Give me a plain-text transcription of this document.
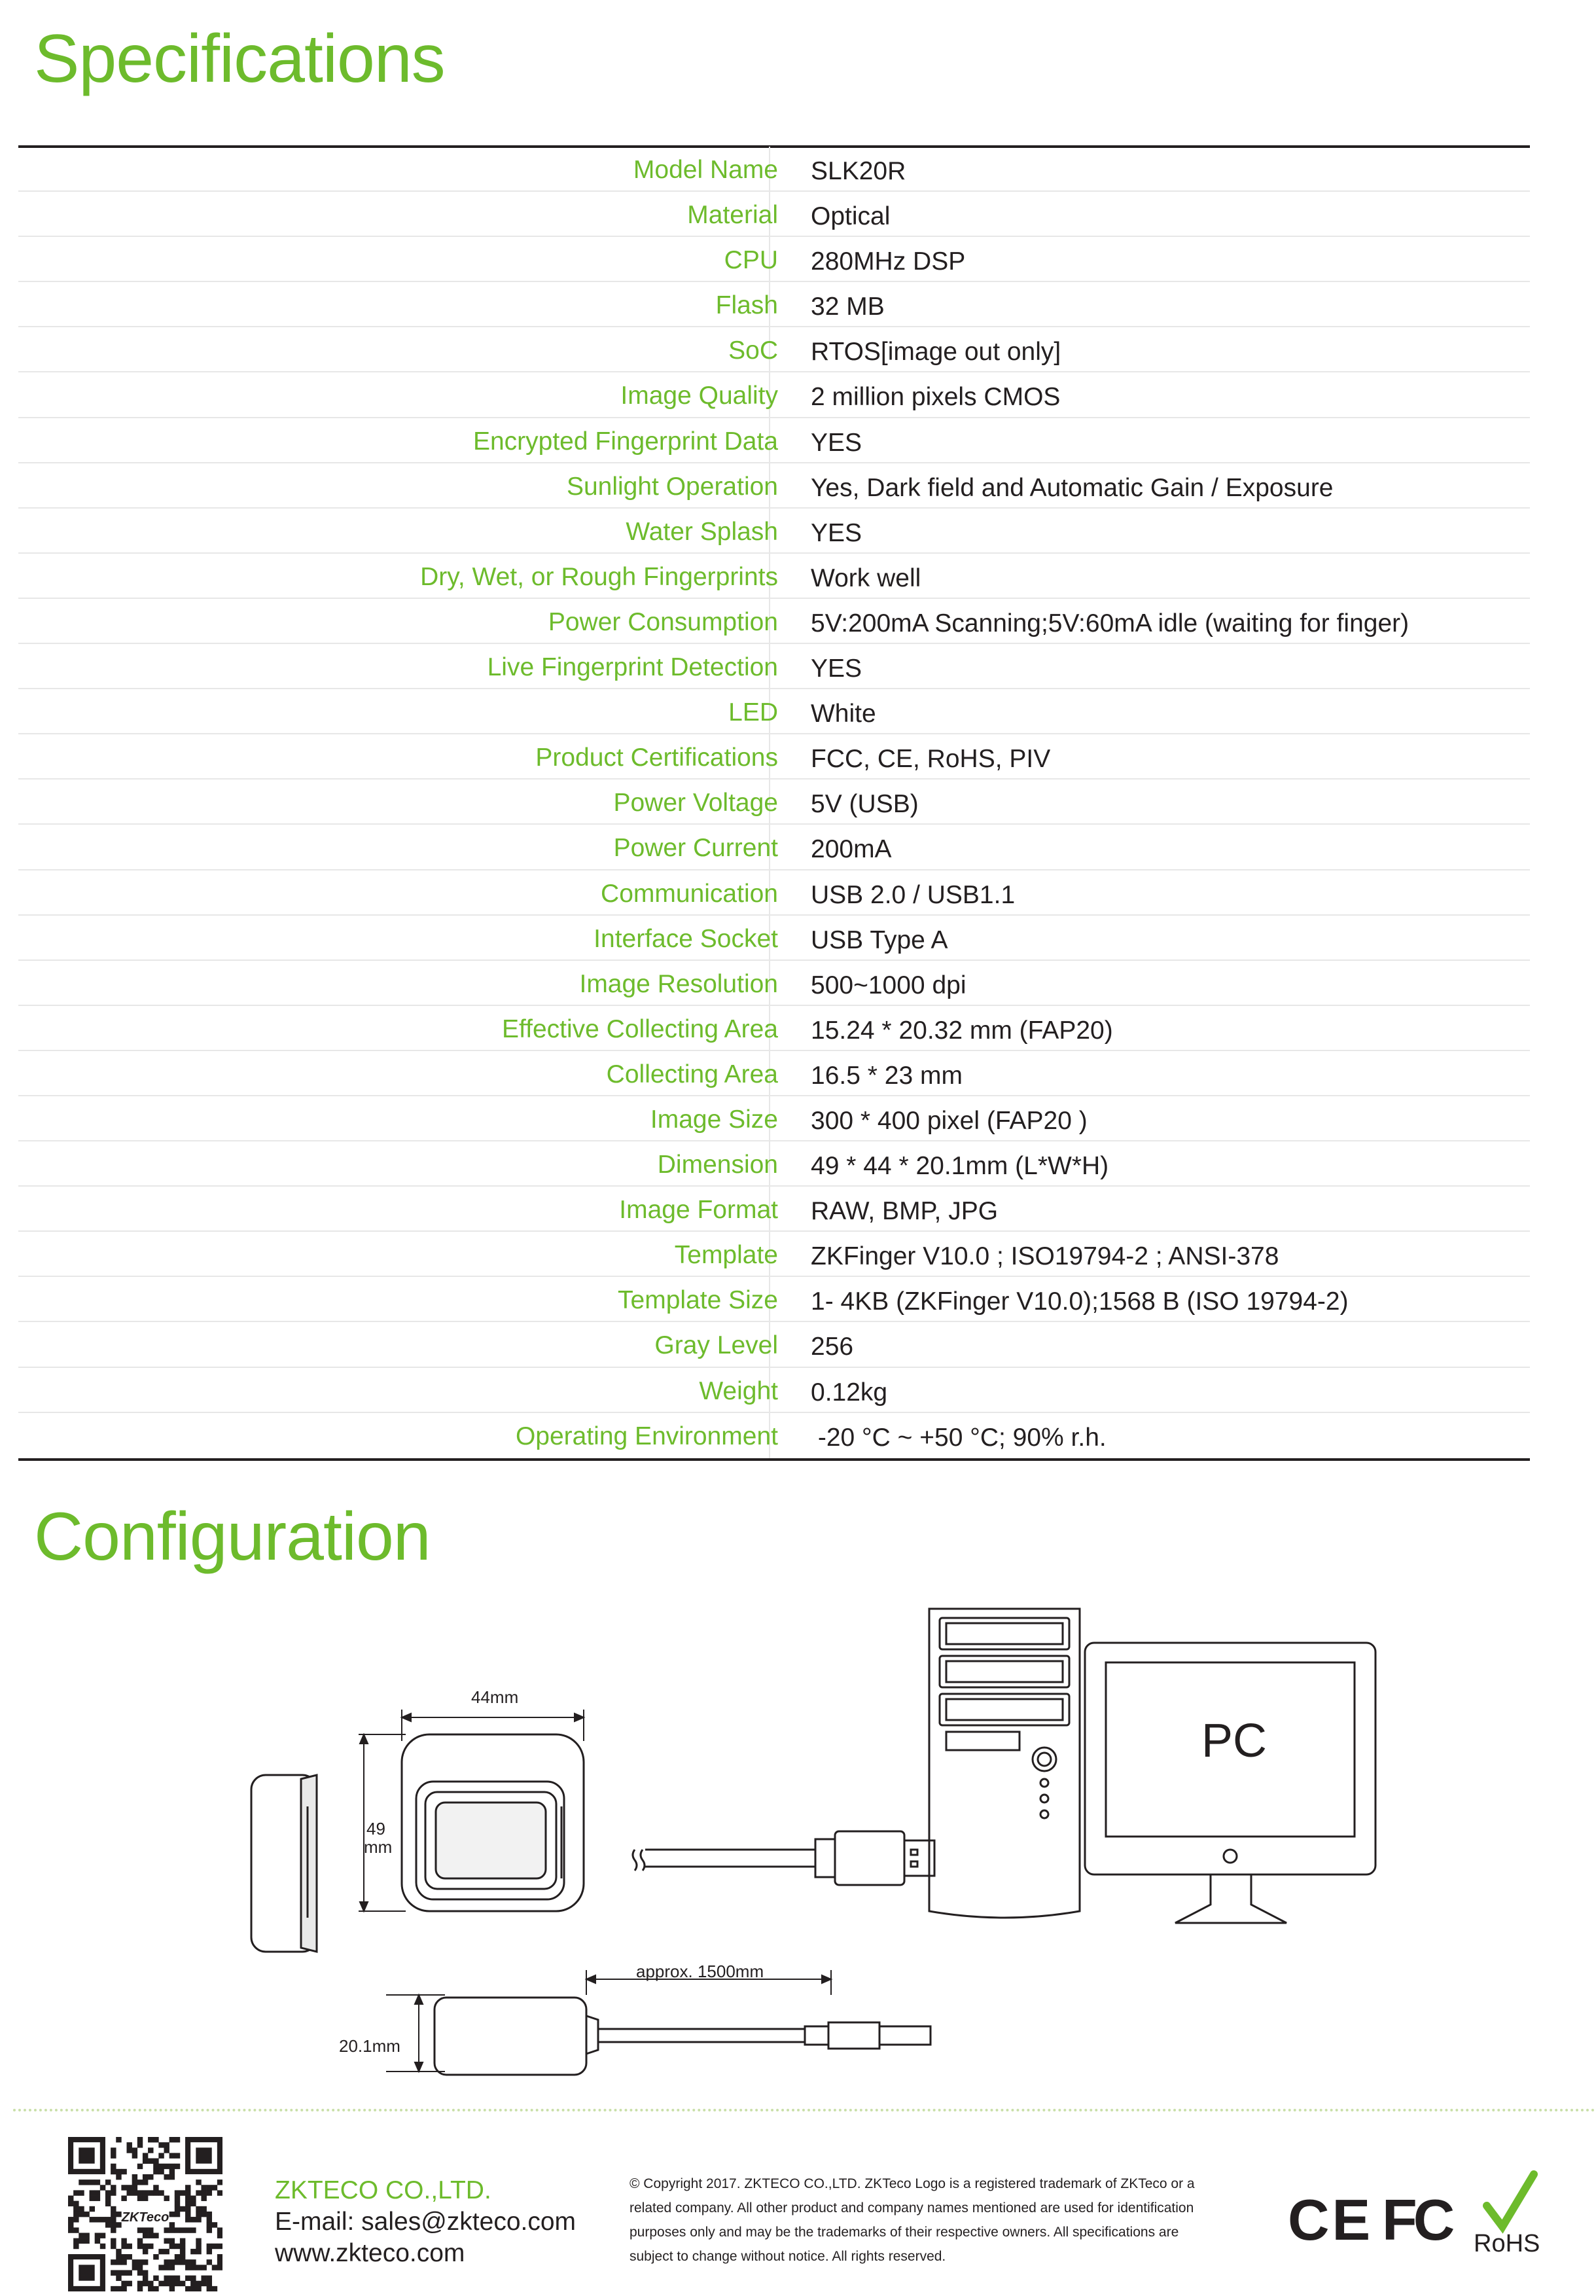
Specifications
Model Name SLK20R
Material Optical
CPU 280MHz DSP
Flash 32 MB
SoC RTOS[image out only]
Image Quality 2 million pixels CMOS
Encrypted Fingerprint Data YES
Sunlight Operation Yes, Dark field and Automatic Gain / Exposure
Water Splash YES
Dry, Wet, or Rough Fingerprints Work well
Power Consumption 5V:200mA Scanning;5V:60mA idle (waiting for finger)
Live Fingerprint Detection YES
LED White
Product Certifications FCC, CE, RoHS, PIV
Power Voltage 5V (USB)
Power Current 200mA
Communication USB 2.0 / USB1.1
Interface Socket USB Type A
Image Resolution 500~1000 dpi
Effective Collecting Area 15.24 * 20.32 mm (FAP20)
Collecting Area 16.5 * 23 mm
Image Size 300 * 400 pixel (FAP20 )
Dimension 49 * 44 * 20.1mm (L*W*H)
Image Format RAW, BMP, JPG
Template ZKFinger V10.0 ; ISO19794-2 ; ANSI-378
Template Size 1- 4KB (ZKFinger V10.0);1568 B (ISO 19794-2)
Gray Level 256
Weight 0.12kg
Operating Environment -20 °C ~ +50 °C; 90% r.h.
Configuration
44mm
49
mm
approx. 1500mm
20.1mm
PC
ZKTeco
ZKTECO CO.,LTD.
E-mail: sales@zkteco.com
www.zkteco.com
© Copyright 2017. ZKTECO CO.,LTD. ZKTeco Logo is a registered trademark of ZKTeco or a
related company. All other product and company names mentioned are used for identification
purposes only and may be the trademarks of their respective owners. All specifications are
subject to change without notice. All rights reserved.
CE FC RoHS
